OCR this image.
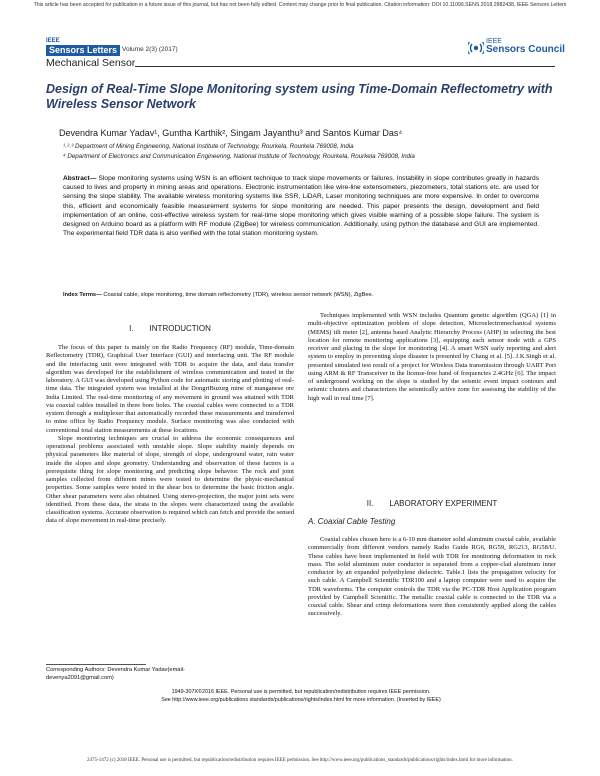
This article has been accepted for publication in a future issue of this journal, but has not been fully edited. Content may change prior to final publication. Citation information: DOI 10.1109/LSENS.2018.2882438, IEEE Sensors Letters
IEEE
Sensors Letters Volume 2(3) (2017)
IEEE
Sensors Council
Mechanical Sensor
Design of Real-Time Slope Monitoring system using Time-Domain Reflectometry with Wireless Sensor Network
Devendra Kumar Yadav¹, Guntha Karthik², Singam Jayanthu³ and Santos Kumar Das⁴
¹˒²˒³ Department of Mining Engineering, National Institute of Technology, Rourkela, Rourkela 769008, India
⁴ Department of Electronics and Communication Engineering, National Institute of Technology, Rourkela, Rourkela 769008, India
Abstract— Slope monitoring systems using WSN is an efficient technique to track slope movements or failures. Instability in slope contributes greatly in hazards caused to lives and property in mining areas and operations. Electronic instrumentation like wire-line extensometers, piezometers, total stations etc. are used for sensing the slope stability. The available wireless monitoring systems like SSR, LiDAR, Laser monitoring techniques are more expensive. In order to overcome this, efficient and economically feasible measurement systems for slope monitoring are needed. This paper presents the design, development and field implementation of an online, cost-effective wireless system for real-time slope monitoring which gives visible warning of a possible slope failure. The system is designed on Arduino board as a platform with RF module (ZigBee) for wireless communication. Additionally, using python the database and GUI are implemented. The experimental field TDR data is also verified with the total station monitoring system.
Index Terms— Coaxial cable, slope monitoring, time domain reflectometry (TDR), wireless sensor network (WSN), ZigBee.
I.  INTRODUCTION

The focus of this paper is mainly on the Radio Frequency (RF) module, Time-domain Reflectometry (TDR), Graphical User Interface (GUI) and interfacing unit. The RF module and the interfacing unit were integrated with TDR to acquire the data, and data transfer algorithm was developed for the establishment of wireless communication and tested in the laboratory. A GUI was developed using Python code for automatic storing and plotting of real-time data. The integrated system was installed at the DongriBuzurg mine of manganese ore India Limited. The real-time monitoring of any movement in ground was attained with TDR via coaxial cables installed in three bore holes. The coaxial cables were connected to a TDR system through a multiplexer that automatically recorded these measurements and transferred to mine office by Radio Frequency module. Surface monitoring was also conducted with conventional total station measurements at these locations.

Slope monitoring techniques are crucial to address the economic consequences and operational problems associated with unstable slope. Slope stability mainly depends on physical parameters like material of slope, strength of slope, underground water, rain water inside the slopes and slope geometry. Understanding and observation of these factors is a prerequisite thing for slope monitoring and predicting slope behavior. The rock and joint samples collected from different mines were tested to determine the physic-mechanical properties. Some samples were tested in the shear box to determine the basic friction angle. Other shear parameters were also obtained. Using stereo-projection, the major joint sets were identified. From these data, the strata in the slopes were characterized using the available classification systems. Accurate observation is required which can fetch and provide the sensed data of slope movement in real-time precisely.

Techniques implemented with WSN includes Quantum genetic algorithm (QGA) [1] in multi-objective optimization problem of slope detection, Microelectromechanical systems (MEMS) tilt meter [2], antenna based Analytic Hierarchy Process (AHP) in selecting the best location for remote monitoring applications [3], equipping each sensor node with a GPS receiver and placing in the slope for monitoring [4]. A smart WSN early reporting and alert system to employ in preventing slope disaster is presented by Chang et al. [5]. J.K.Singh et al. presented simulated test result of a project for Wireless Data transmission through UART Port using ARM & RF Transceiver in the license-free band of frequencies 2.4GHz [6]. The impact of underground working on the slope is studied by the seismic event impact contours and seismic clusters and characterizes the seismically active zone for assessing the stability of the high wall in real time [7].

II.  LABORATORY EXPERIMENT
A. Coaxial Cable Testing

Coaxial cables chosen here is a 6-10 mm diameter solid aluminum coaxial cable, available commercially from different vendors namely Radio Guide RG6, RG59, RG213, RG58/U. These cables have been implemented in field with TDR for monitoring deformation in rock mass. The solid aluminum outer conductor is separated from a copper-clad aluminum inner conductor by an expanded polyethylene dielectric. Table.1 lists the propagation velocity for such cable. A Campbell Scientific TDR100 and a laptop computer were used to acquire the TDR waveforms. The computer controls the TDR via the PC-TDR Host Application program provided by Campbell Scientific. The metallic coaxial cable is connected to the TDR via a coaxial cable. Shear and crimp deformations were then consistently applied along the cables successively.

Corresponding Authors: Devendra Kumar Yadav(email-devenya2091@gmail.com)
1949-307X©2016 IEEE. Personal use is permitted, but republication/redistribution requires IEEE permission.
See http://www.ieee.org/publications standards/publications/rights/index.html for more information. (Inserted by IEEE)
2475-1472 (c) 2018 IEEE. Personal use is permitted, but republication/redistribution requires IEEE permission. See http://www.ieee.org/publications_standards/publications/rights/index.html for more information.
